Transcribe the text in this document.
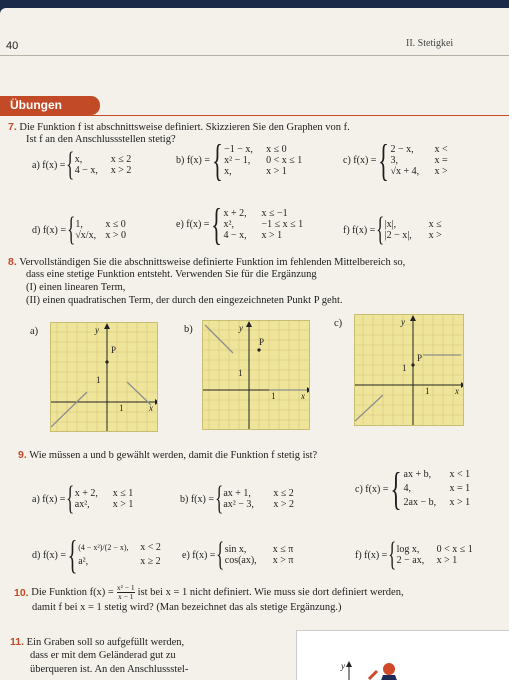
40	II. Stetigkei
Übungen
7. Die Funktion f ist abschnittsweise definiert. Skizzieren Sie den Graphen von f.
Ist f an den Anschlussstellen stetig?
a)
f(x) = { x,	x ≤ 2
4 − x, x > 2
b)
f(x) = { −1 − x, x ≤ 0
x² − 1, 0 < x ≤ 1
x,	x > 1
c)
f(x) = { 2 − x, x <
3,	x =
√x + 4, x >
d)
f(x) = { 1, x ≤ 0
√x/x, x > 0
e)
f(x) = { x + 2, x ≤ −1
x²,	−1 ≤ x ≤ 1
4 − x, x > 1	f)
f(x) = { |x|,	x ≤
|2 − x|, x >
8. Vervollständigen Sie die abschnittsweise definierte Funktion im fehlenden Mittelbereich so,
dass eine stetige Funktion entsteht. Verwenden Sie für die Ergänzung
(I) einen linearen Term,
(II) einen quadratischen Term, der durch den eingezeichneten Punkt P geht.
a)	y
x
P
1
1
b)	y
x
P
1
1
c)	y
x
P
1
1
9. Wie müssen a und b gewählt werden, damit die Funktion f stetig ist?
a)
f(x) = { x + 2, x ≤ 1
ax², x > 1	b)
f(x) = { ax + 1, x ≤ 2
ax² − 3, x > 2
c)
f(x) = { ax + b, x < 1
4,	x = 1
2ax − b, x > 1
d)
f(x) = { (4 − x²)/(2 − x), x < 2
a²,	x ≥ 2
e)
f(x) = { sin x,	x ≤ π
cos(ax), x > π	f)
f(x) = { log x, 0 < x ≤ 1
2 − ax, x > 1
10.
Die Funktion $f(x) = \frac{\text{x² − 1}}{x - 1}$ ist bei x = 1 nicht definiert. Wie muss sie dort definiert werden,
damit f bei x = 1 stetig wird? (Man bezeichnet das als stetige Ergänzung.)
11. Ein Graben soll so aufgefüllt werden,
dass er mit dem Geländerad gut zu
überqueren ist. An den Anschlussstel-	y
